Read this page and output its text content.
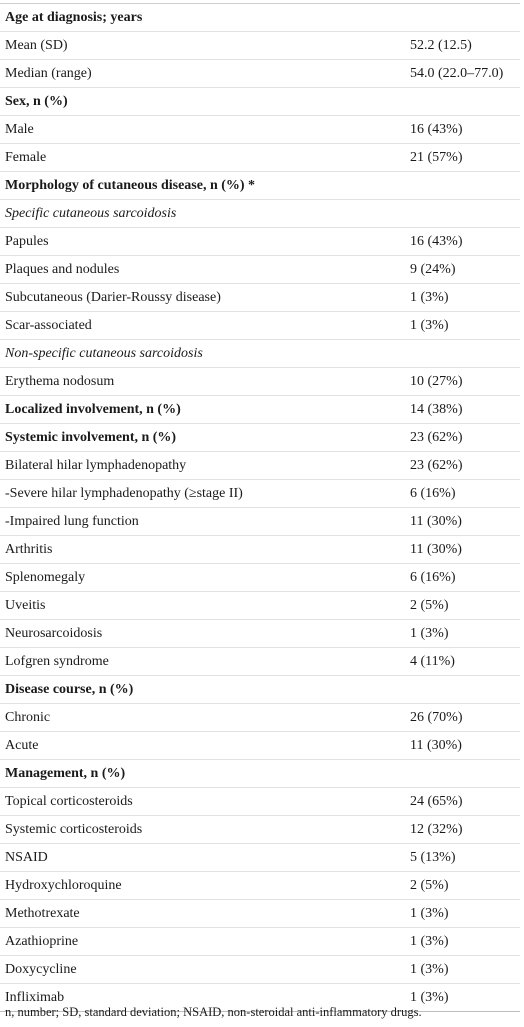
Age at diagnosis; years	
Mean (SD)	52.2 (12.5)
Median (range)	54.0 (22.0–77.0)
Sex, n (%)	
Male	16 (43%)
Female	21 (57%)
Morphology of cutaneous disease, n (%) *	
Specific cutaneous sarcoidosis	
Papules	16 (43%)
Plaques and nodules	9 (24%)
Subcutaneous (Darier-Roussy disease)	1 (3%)
Scar-associated	1 (3%)
Non-specific cutaneous sarcoidosis	
Erythema nodosum	10 (27%)
Localized involvement, n (%)	14 (38%)
Systemic involvement, n (%)	23 (62%)
Bilateral hilar lymphadenopathy	23 (62%)
-Severe hilar lymphadenopathy (≥stage II)	6 (16%)
-Impaired lung function	11 (30%)
Arthritis	11 (30%)
Splenomegaly	6 (16%)
Uveitis	2 (5%)
Neurosarcoidosis	1 (3%)
Lofgren syndrome	4 (11%)
Disease course, n (%)	
Chronic	26 (70%)
Acute	11 (30%)
Management, n (%)	
Topical corticosteroids	24 (65%)
Systemic corticosteroids	12 (32%)
NSAID	5 (13%)
Hydroxychloroquine	2 (5%)
Methotrexate	1 (3%)
Azathioprine	1 (3%)
Doxycycline	1 (3%)
Infliximab	1 (3%)
n, number; SD, standard deviation; NSAID, non-steroidal anti-inflammatory drugs.
